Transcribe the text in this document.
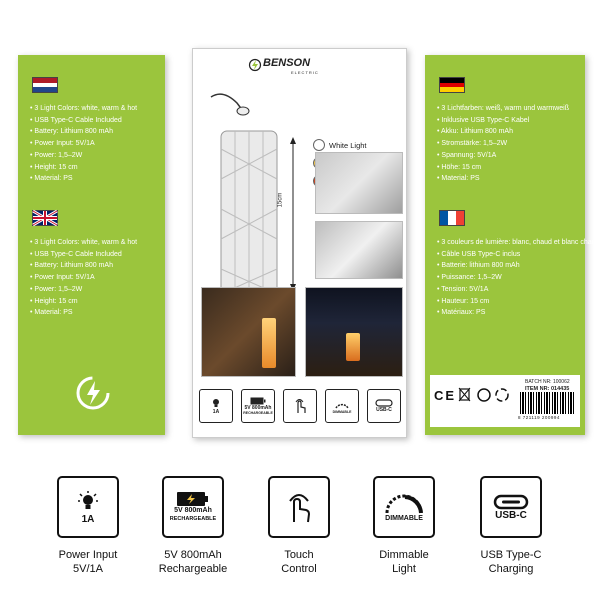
• 3 Light Colors: white, warm & hot
• USB Type-C Cable Included
• Battery: Lithium 800 mAh
• Power Input: 5V/1A
• Power: 1,5–2W
• Height: 15 cm
• Material: PS
• 3 Light Colors: white, warm & hot
• USB Type-C Cable Included
• Battery: Lithium 800 mAh
• Power Input: 5V/1A
• Power: 1,5–2W
• Height: 15 cm
• Material: PS
BENSON
ELECTRIC
15cm
White Light
1A
5V 800mAh
RECHARGEABLE	DIMMABLE	USB-C
• 3 Lichtfarben: weiß, warm und warmweiß
• Inklusive USB Type-C Kabel
• Akku: Lithium 800 mAh
• Stromstärke: 1,5–2W
• Spannung: 5V/1A
• Höhe: 15 cm
• Material: PS
• 3 couleurs de lumière: blanc, chaud et blanc chaud
• Câble USB Type-C inclus
• Batterie: lithium 800 mAh
• Puissance: 1,5–2W
• Tension: 5V/1A
• Hauteur: 15 cm
• Matériaux: PS
CE
BATCH NR: 100062
ITEM NR: 014435
8 721119 200994
1A
Power Input
5V/1A
5V 800mAh
RECHARGEABLE
5V 800mAh
Rechargeable
Touch
Control
DIMMABLE
Dimmable
Light
USB-C
USB Type-C
Charging
